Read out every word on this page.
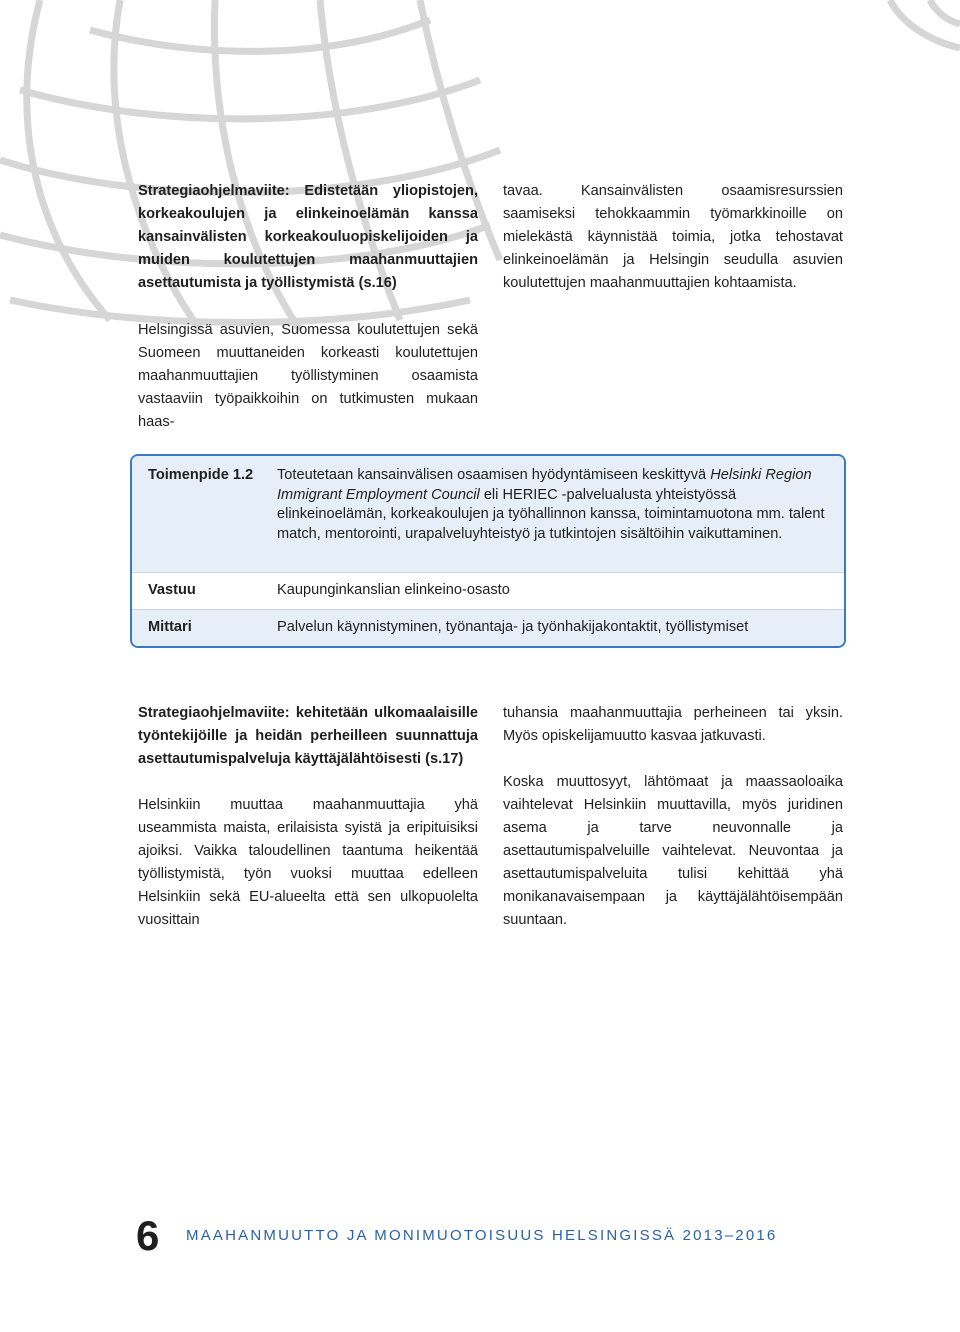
Strategiaohjelmaviite: Edistetään yliopistojen, korkeakoulujen ja elinkeinoelämän kanssa kansainvälisten korkeakouluopiskelijoiden ja muiden koulutettujen maahanmuuttajien asettautumista ja työllistymistä (s.16)

tavaa. Kansainvälisten osaamisresurssien saamiseksi tehokkaammin työmarkkinoille on mielekästä käynnistää toimia, jotka tehostavat elinkeinoelämän ja Helsingin seudulla asuvien koulutettujen maahanmuuttajien kohtaamista.

Helsingissä asuvien, Suomessa koulutettujen sekä Suomeen muuttaneiden korkeasti koulutettujen maahanmuuttajien työllistyminen osaamista vastaaviin työpaikkoihin on tutkimusten mukaan haas-

Toimenpide 1.2 Toteutetaan kansainvälisen osaamisen hyödyntämiseen keskittyvä Helsinki Region Immigrant Employment Council eli HERIEC -palvelualusta yhteistyössä elinkeinoelämän, korkeakoulujen ja työhallinnon kanssa, toimintamuotona mm. talent match, mentorointi, urapalveluyhteistyö ja tutkintojen sisältöihin vaikuttaminen.
Vastuu	Kaupunginkanslian elinkeino-osasto
Mittari	Palvelun käynnistyminen, työnantaja- ja työnhakijakontaktit, työllistymiset

Strategiaohjelmaviite: kehitetään ulkomaalaisille työntekijöille ja heidän perheilleen suunnattuja asettautumispalveluja käyttäjälähtöisesti (s.17)

Helsinkiin muuttaa maahanmuuttajia yhä useammista maista, erilaisista syistä ja eripituisiksi ajoiksi. Vaikka taloudellinen taantuma heikentää työllistymistä, työn vuoksi muuttaa edelleen Helsinkiin sekä EU-alueelta että sen ulkopuolelta vuosittain

tuhansia maahanmuuttajia perheineen tai yksin. Myös opiskelijamuutto kasvaa jatkuvasti.

Koska muuttosyyt, lähtömaat ja maassaoloaika vaihtelevat Helsinkiin muuttavilla, myös juridinen asema ja tarve neuvonnalle ja asettautumispalveluille vaihtelevat. Neuvontaa ja asettautumispalveluita tulisi kehittää yhä monikanavaisempaan ja käyttäjälähtöisempään suuntaan.

6 MAAHANMUUTTO JA MONIMUOTOISUUS HELSINGISSÄ 2013–2016
